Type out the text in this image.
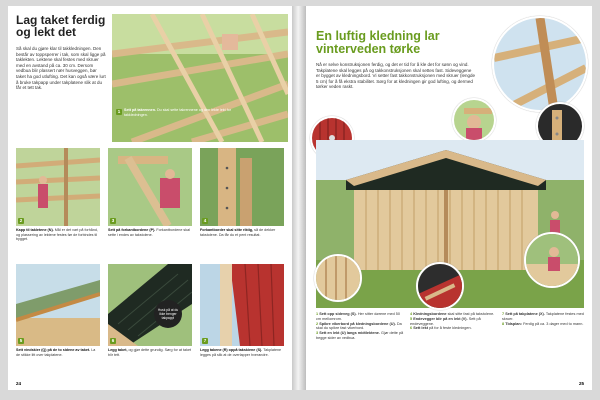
Lag taket ferdig
og lekt det
Så skal du gjøre klar til takkledningen. Den består av toppsperrer i tak, som skal ligge på taklekten. Lektene skal festes med skruer med en avstand på ca. 30 cm. Dersom vedbua blir plassert nær husveggen, bør taket ha god utlufting. Det kan også være lurt å bruke takpapp under takplatene slik at du får et tett tak.
1	Sett på takrennen. Du skal sette takrennene og den lekte lekt for takkledningen.
2	3	4
Kapp til takletene (N). Mål er det vart på forhånd, og plassering av lektene festes før de forbindes til bygget.
Sett på forkantbordene (P). Forkantbordene skal sette i endes av takstolene.
Forkantborder skal sitte riktig, så de dekker takstolene. Da får du et pent resultat.
Husk på at du ikke trenger takpapp!
5	6	7
Sett vindskier (Q) på de to sidene av taket. La de stikke litt over takplatene.
Legg taket, og gjør dette grundig. Sørg for at taket blir tett.
Legg takene (R) oppå takskiene (S). Takplatene legges på slik at de overlapper hverandre.
24
En luftig kledning lar
vinterveden tørke
Nå er selve konstruksjonen ferdig, og det er tid for å kle det for sønn og vind. Takplatene skal legges på og takkonstruksjonen skal settes fast. Sideveggene er bygget av kledningsbord. Vi setter fast takkonstruksjonen med skruer (lengde 5 cm) for å få ekstra stabilitet. Sørg for at kledningen gir god lufting, og dermed tørker veden raskt.
1 Sett opp sideveg (S). Her sitter dørene med 50 cm mellomrom.
2 Spikre vikerbord på kledningsbordene (U). Da skal du spikre fast vikerbord.
3 Sett en lekt (U) langs midtlektene. Gjør dette på begge sider av vedbua.
4 Kledningsbordene skal sitte fast på takstolene.
5 Endevegger blir på en lekt (V). Sett på endeveggene.
6 Sett lekt på for å feste kledningen.
7 Sett på takplatene (X). Takplatene festes med skruer.
8 Tidsplan: Ferdig på ca. 3 dager med to mann.
25
